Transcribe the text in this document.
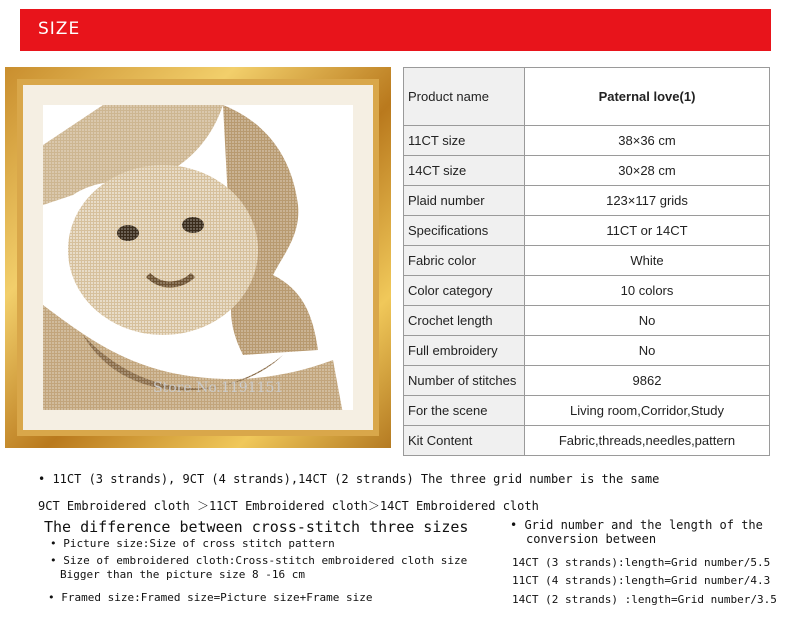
SIZE
Store No.1191151
Product name	Paternal love(1)
11CT size	38×36 cm
14CT size	30×28 cm
Plaid number	123×117 grids
Specifications	11CT or 14CT
Fabric color	White
Color category	10 colors
Crochet length	No
Full embroidery	No
Number of stitches	9862
For the scene	Living room,Corridor,Study
Kit Content	Fabric,threads,needles,pattern
• 11CT (3 strands), 9CT (4 strands),14CT (2 strands) The three grid number is the same
9CT Embroidered cloth ＞11CT Embroidered cloth＞14CT Embroidered cloth
The difference between cross-stitch three sizes
• Picture size:Size of cross stitch pattern
• Size of embroidered cloth:Cross-stitch embroidered cloth size
Bigger than the picture size 8 -16 cm
• Framed size:Framed size=Picture size+Frame size
• Grid number and the length of the
conversion between
14CT (3 strands):length=Grid number/5.5
11CT (4 strands):length=Grid number/4.3
14CT (2 strands) :length=Grid number/3.5
